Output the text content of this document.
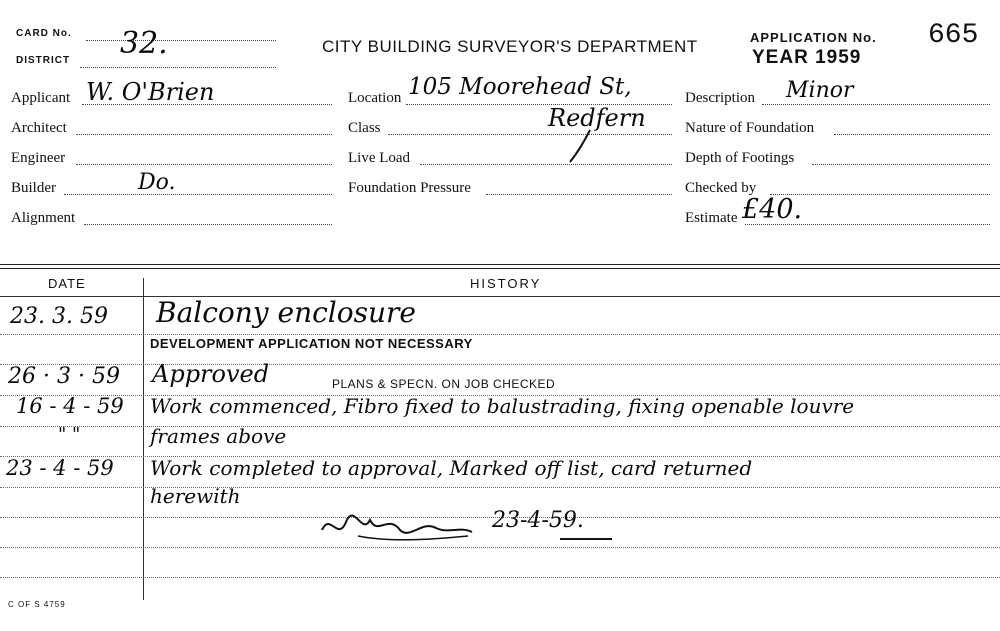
CARD No.
DISTRICT 32.	CITY BUILDING SURVEYOR'S DEPARTMENT	APPLICATION No. 665
YEAR 1959
Applicant W. O'Brien
Architect
Engineer
Builder	Do.
Alignment
Location 105 Moorehead St,
Class	Redfern
Live Load
Foundation Pressure
Description Minor
Nature of Foundation
Depth of Footings
Checked by
Estimate £40.
DATE	HISTORY
23. 3. 59 Balcony enclosure
DEVELOPMENT APPLICATION NOT NECESSARY
26 · 3 · 59 Approved	PLANS & SPECN. ON JOB CHECKED
16 - 4 - 59 Work commenced, Fibro fixed to balustrading, fixing openable louvre
" "	frames above
23 - 4 - 59 Work completed to approval, Marked off list, card returned
herewith
23-4-59.
C OF S 4759
